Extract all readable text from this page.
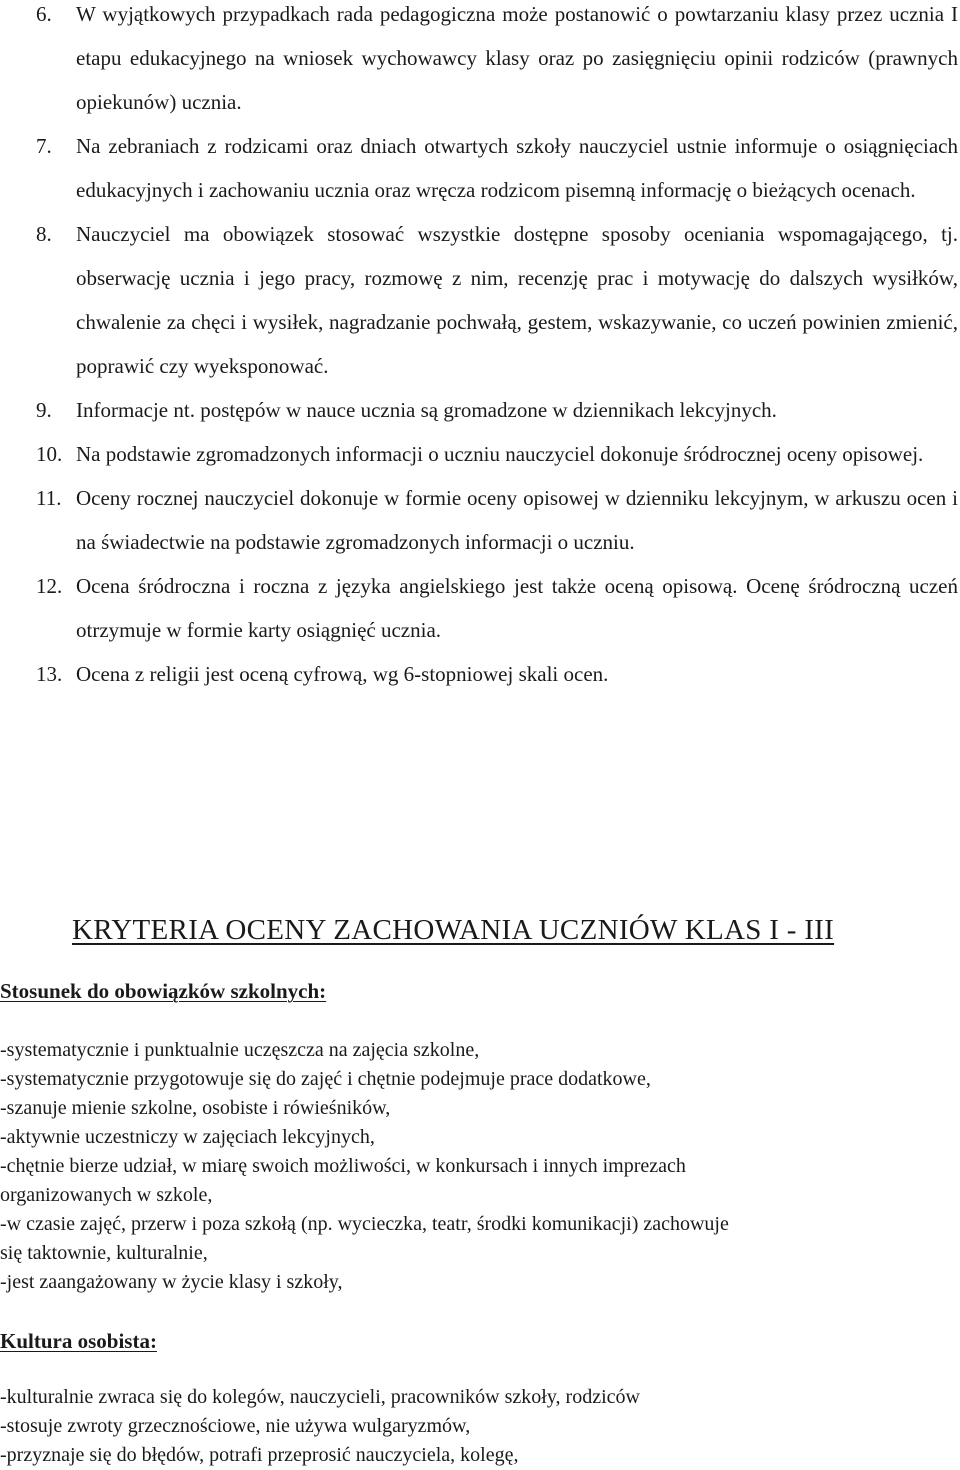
6.	W wyjątkowych przypadkach rada pedagogiczna może postanowić o powtarzaniu klasy przez ucznia I etapu edukacyjnego na wniosek wychowawcy klasy oraz po zasięgnięciu opinii rodziców (prawnych opiekunów) ucznia.
7.	Na zebraniach z rodzicami oraz dniach otwartych szkoły nauczyciel ustnie informuje o osiągnięciach edukacyjnych i zachowaniu ucznia oraz wręcza rodzicom pisemną informację o bieżących ocenach.
8.	Nauczyciel ma obowiązek stosować wszystkie dostępne sposoby oceniania wspomagającego, tj. obserwację ucznia i jego pracy, rozmowę z nim, recenzję prac i motywację do dalszych wysiłków, chwalenie za chęci i wysiłek, nagradzanie pochwałą, gestem, wskazywanie, co uczeń powinien zmienić, poprawić czy wyeksponować.
9.	Informacje nt. postępów w nauce ucznia są gromadzone w dziennikach lekcyjnych.
10. Na podstawie zgromadzonych informacji o uczniu nauczyciel dokonuje śródrocznej oceny opisowej.
11. Oceny rocznej nauczyciel dokonuje w formie oceny opisowej w dzienniku lekcyjnym, w arkuszu ocen i na świadectwie na podstawie zgromadzonych informacji o uczniu.
12. Ocena śródroczna i roczna z języka angielskiego jest także oceną opisową. Ocenę śródroczną uczeń otrzymuje w formie karty osiągnięć ucznia.
13. Ocena z religii jest oceną cyfrową, wg 6-stopniowej skali ocen.
KRYTERIA OCENY ZACHOWANIA UCZNIÓW KLAS I - III
Stosunek do obowiązków szkolnych:
-systematycznie i punktualnie uczęszcza na zajęcia szkolne,
-systematycznie przygotowuje się do zajęć i chętnie podejmuje prace dodatkowe,
-szanuje mienie szkolne, osobiste i rówieśników,
-aktywnie uczestniczy w zajęciach lekcyjnych,
-chętnie bierze udział, w miarę swoich możliwości, w konkursach i innych imprezach
organizowanych w szkole,
-w czasie zajęć, przerw i poza szkołą (np. wycieczka, teatr, środki komunikacji) zachowuje
się taktownie, kulturalnie,
-jest zaangażowany w życie klasy i szkoły,
Kultura osobista:
-kulturalnie zwraca się do kolegów, nauczycieli, pracowników szkoły, rodziców
-stosuje zwroty grzecznościowe, nie używa wulgaryzmów,
-przyznaje się do błędów, potrafi przeprosić nauczyciela, kolegę,
